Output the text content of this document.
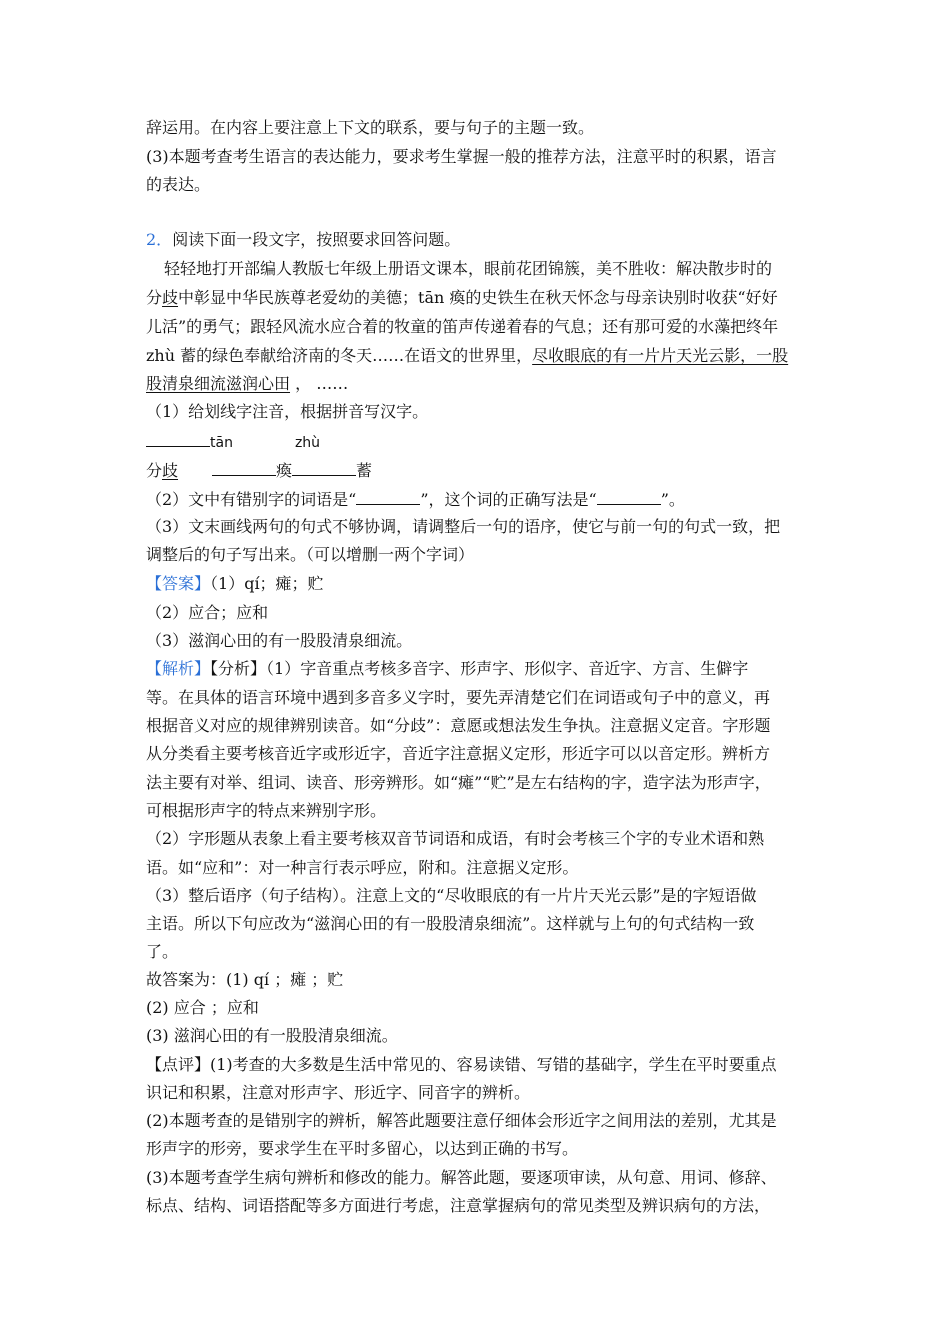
辞运用。在内容上要注意上下文的联系，要与句子的主题一致。
(3)本题考查考生语言的表达能力，要求考生掌握一般的推荐方法，注意平时的积累，语言
的表达。
2．阅读下面一段文字，按照要求回答问题。
轻轻地打开部编人教版七年级上册语文课本，眼前花团锦簇，美不胜收：解决散步时的
分歧中彰显中华民族尊老爱幼的美德；tān 瘓的史铁生在秋天怀念与母亲诀别时收获“好好
儿活”的勇气；跟轻风流水应合着的牧童的笛声传递着春的气息；还有那可爱的水藻把终年
zhù 蓄的绿色奉献给济南的冬天……在语文的世界里，尽收眼底的有一片片天光云影，一股
股清泉细流滋润心田 ， ……
（1）给划线字注音，根据拼音写汉字。
tān	zhù
分歧	瘓	蓄
（2）文中有错别字的词语是“	”，这个词的正确写法是“	”。
（3）文末画线两句的句式不够协调，请调整后一句的语序，使它与前一句的句式一致，把
调整后的句子写出来。（可以增删一两个字词）
【答案】（1）qí；瘫；贮
（2）应合；应和
（3）滋润心田的有一股股清泉细流。
【解析】【分析】（1）字音重点考核多音字、形声字、形似字、音近字、方言、生僻字
等。在具体的语言环境中遇到多音多义字时，要先弄清楚它们在词语或句子中的意义，再
根据音义对应的规律辨别读音。如“分歧”：意愿或想法发生争执。注意据义定音。字形题
从分类看主要考核音近字或形近字，音近字注意据义定形，形近字可以以音定形。辨析方
法主要有对举、组词、读音、形旁辨形。如“瘫”“贮”是左右结构的字，造字法为形声字，
可根据形声字的特点来辨别字形。
（2）字形题从表象上看主要考核双音节词语和成语，有时会考核三个字的专业术语和熟
语。如“应和”：对一种言行表示呼应，附和。注意据义定形。
（3）整后语序（句子结构）。注意上文的“尽收眼底的有一片片天光云影”是的字短语做
主语。所以下句应改为“滋润心田的有一股股清泉细流”。这样就与上句的句式结构一致
了。
故答案为：(1) qí ；瘫 ；贮
(2) 应合 ；应和
(3) 滋润心田的有一股股清泉细流。
【点评】(1)考查的大多数是生活中常见的、容易读错、写错的基础字，学生在平时要重点
识记和积累，注意对形声字、形近字、同音字的辨析。
(2)本题考查的是错别字的辨析，解答此题要注意仔细体会形近字之间用法的差别，尤其是
形声字的形旁，要求学生在平时多留心，以达到正确的书写。
(3)本题考查学生病句辨析和修改的能力。解答此题，要逐项审读，从句意、用词、修辞、
标点、结构、词语搭配等多方面进行考虑，注意掌握病句的常见类型及辨识病句的方法，
